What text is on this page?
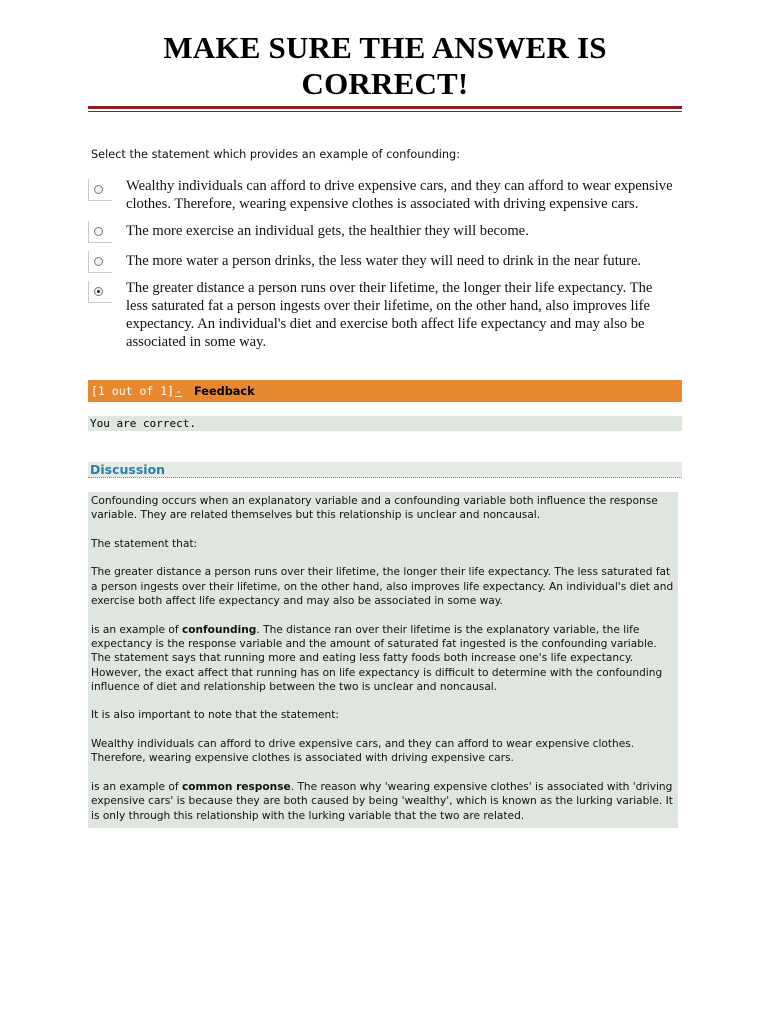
MAKE SURE THE ANSWER IS CORRECT!
Select the statement which provides an example of confounding:
Wealthy individuals can afford to drive expensive cars, and they can afford to wear expensive clothes. Therefore, wearing expensive clothes is associated with driving expensive cars.
The more exercise an individual gets, the healthier they will become.
The more water a person drinks, the less water they will need to drink in the near future.
The greater distance a person runs over their lifetime, the longer their life expectancy. The less saturated fat a person ingests over their lifetime, on the other hand, also improves life expectancy. An individual's diet and exercise both affect life expectancy and may also be associated in some way.
[1 out of 1] - Feedback
You are correct.
Discussion

Confounding occurs when an explanatory variable and a confounding variable both influence the response variable. They are related themselves but this relationship is unclear and noncausal.

The statement that:

The greater distance a person runs over their lifetime, the longer their life expectancy. The less saturated fat a person ingests over their lifetime, on the other hand, also improves life expectancy. An individual's diet and exercise both affect life expectancy and may also be associated in some way.

is an example of confounding. The distance ran over their lifetime is the explanatory variable, the life expectancy is the response variable and the amount of saturated fat ingested is the confounding variable. The statement says that running more and eating less fatty foods both increase one's life expectancy. However, the exact affect that running has on life expectancy is difficult to determine with the confounding influence of diet and relationship between the two is unclear and noncausal.

It is also important to note that the statement:

Wealthy individuals can afford to drive expensive cars, and they can afford to wear expensive clothes. Therefore, wearing expensive clothes is associated with driving expensive cars.

is an example of common response. The reason why 'wearing expensive clothes' is associated with 'driving expensive cars' is because they are both caused by being 'wealthy', which is known as the lurking variable. It is only through this relationship with the lurking variable that the two are related.
